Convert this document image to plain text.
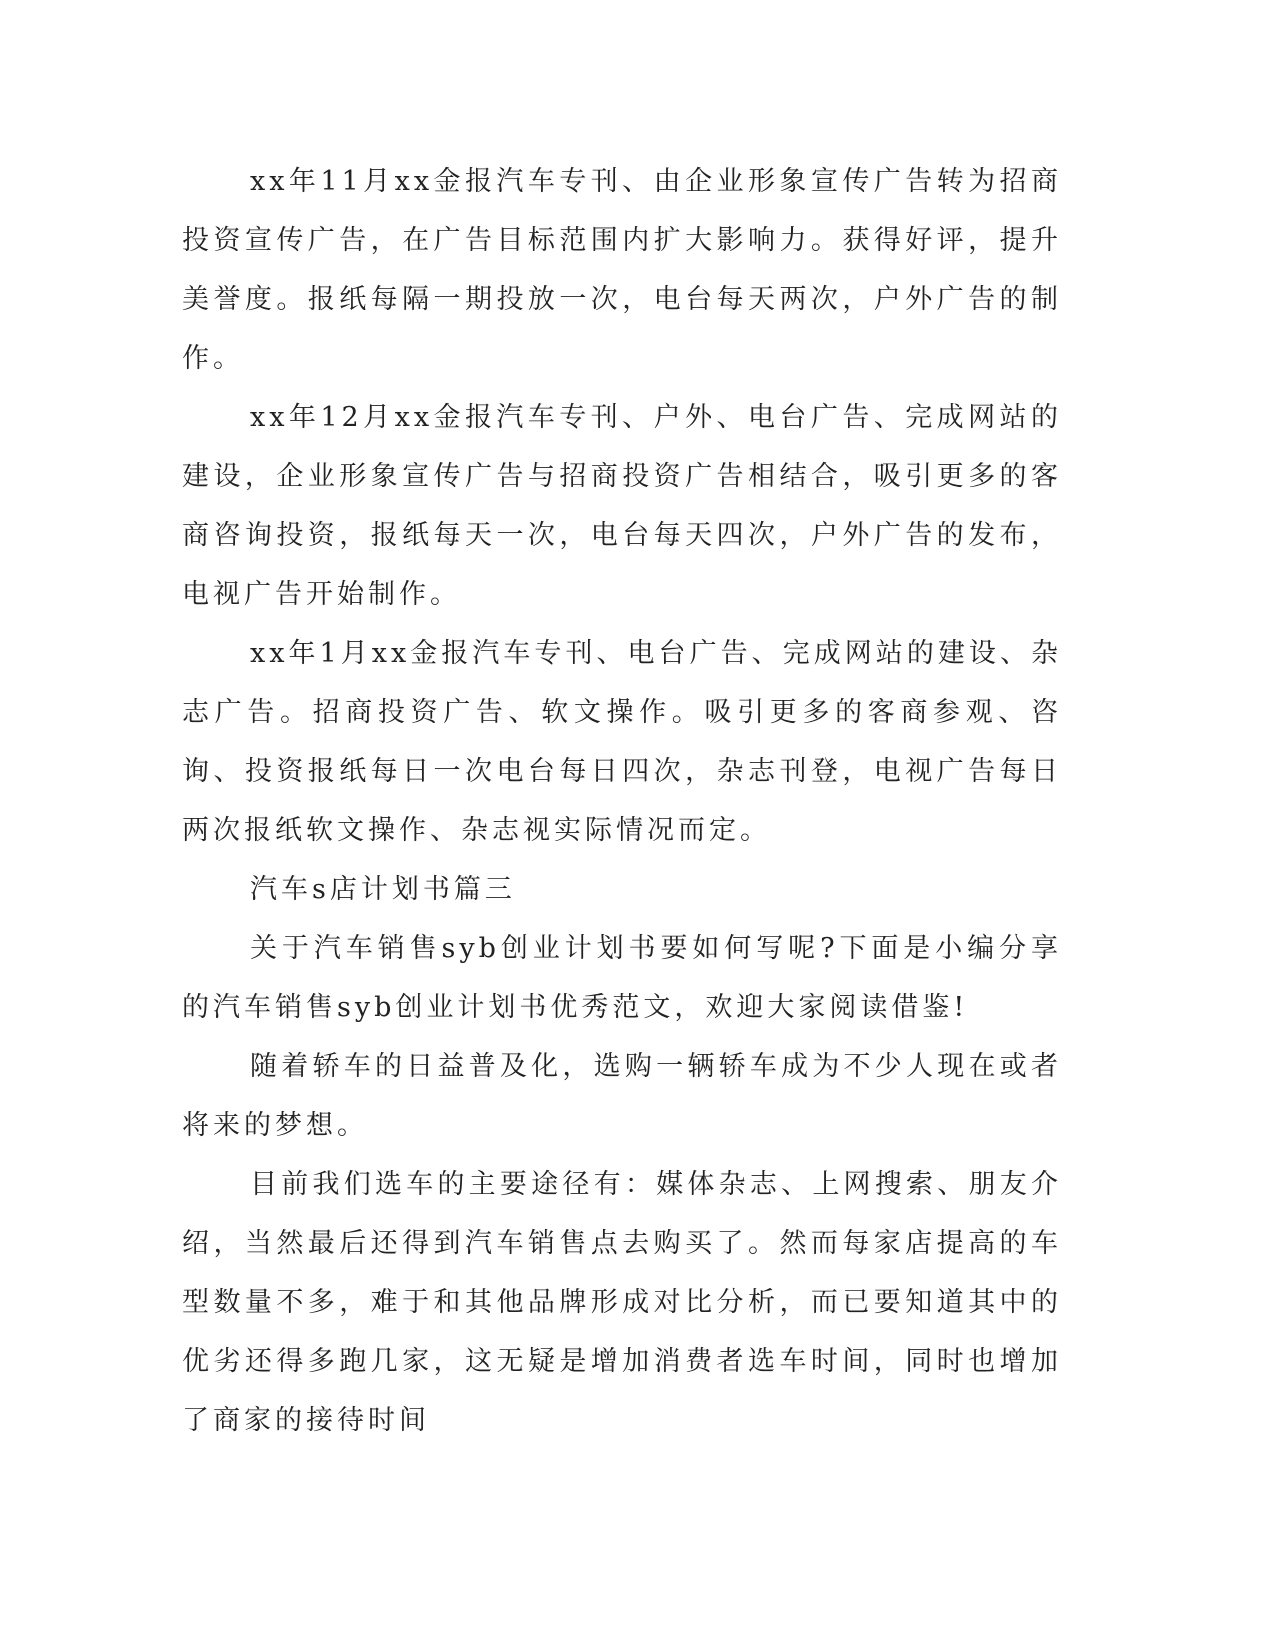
xx年11月xx金报汽车专刊、由企业形象宣传广告转为招商投资宣传广告，在广告目标范围内扩大影响力。获得好评，提升美誉度。报纸每隔一期投放一次，电台每天两次，户外广告的制作。

xx年12月xx金报汽车专刊、户外、电台广告、完成网站的建设，企业形象宣传广告与招商投资广告相结合，吸引更多的客商咨询投资，报纸每天一次，电台每天四次，户外广告的发布，电视广告开始制作。

xx年1月xx金报汽车专刊、电台广告、完成网站的建设、杂志广告。招商投资广告、软文操作。吸引更多的客商参观、咨询、投资报纸每日一次电台每日四次，杂志刊登，电视广告每日两次报纸软文操作、杂志视实际情况而定。

汽车s店计划书篇三

关于汽车销售syb创业计划书要如何写呢?下面是小编分享的汽车销售syb创业计划书优秀范文，欢迎大家阅读借鉴!

随着轿车的日益普及化，选购一辆轿车成为不少人现在或者将来的梦想。

目前我们选车的主要途径有：媒体杂志、上网搜索、朋友介绍，当然最后还得到汽车销售点去购买了。然而每家店提高的车型数量不多，难于和其他品牌形成对比分析，而已要知道其中的优劣还得多跑几家，这无疑是增加消费者选车时间，同时也增加了商家的接待时间
